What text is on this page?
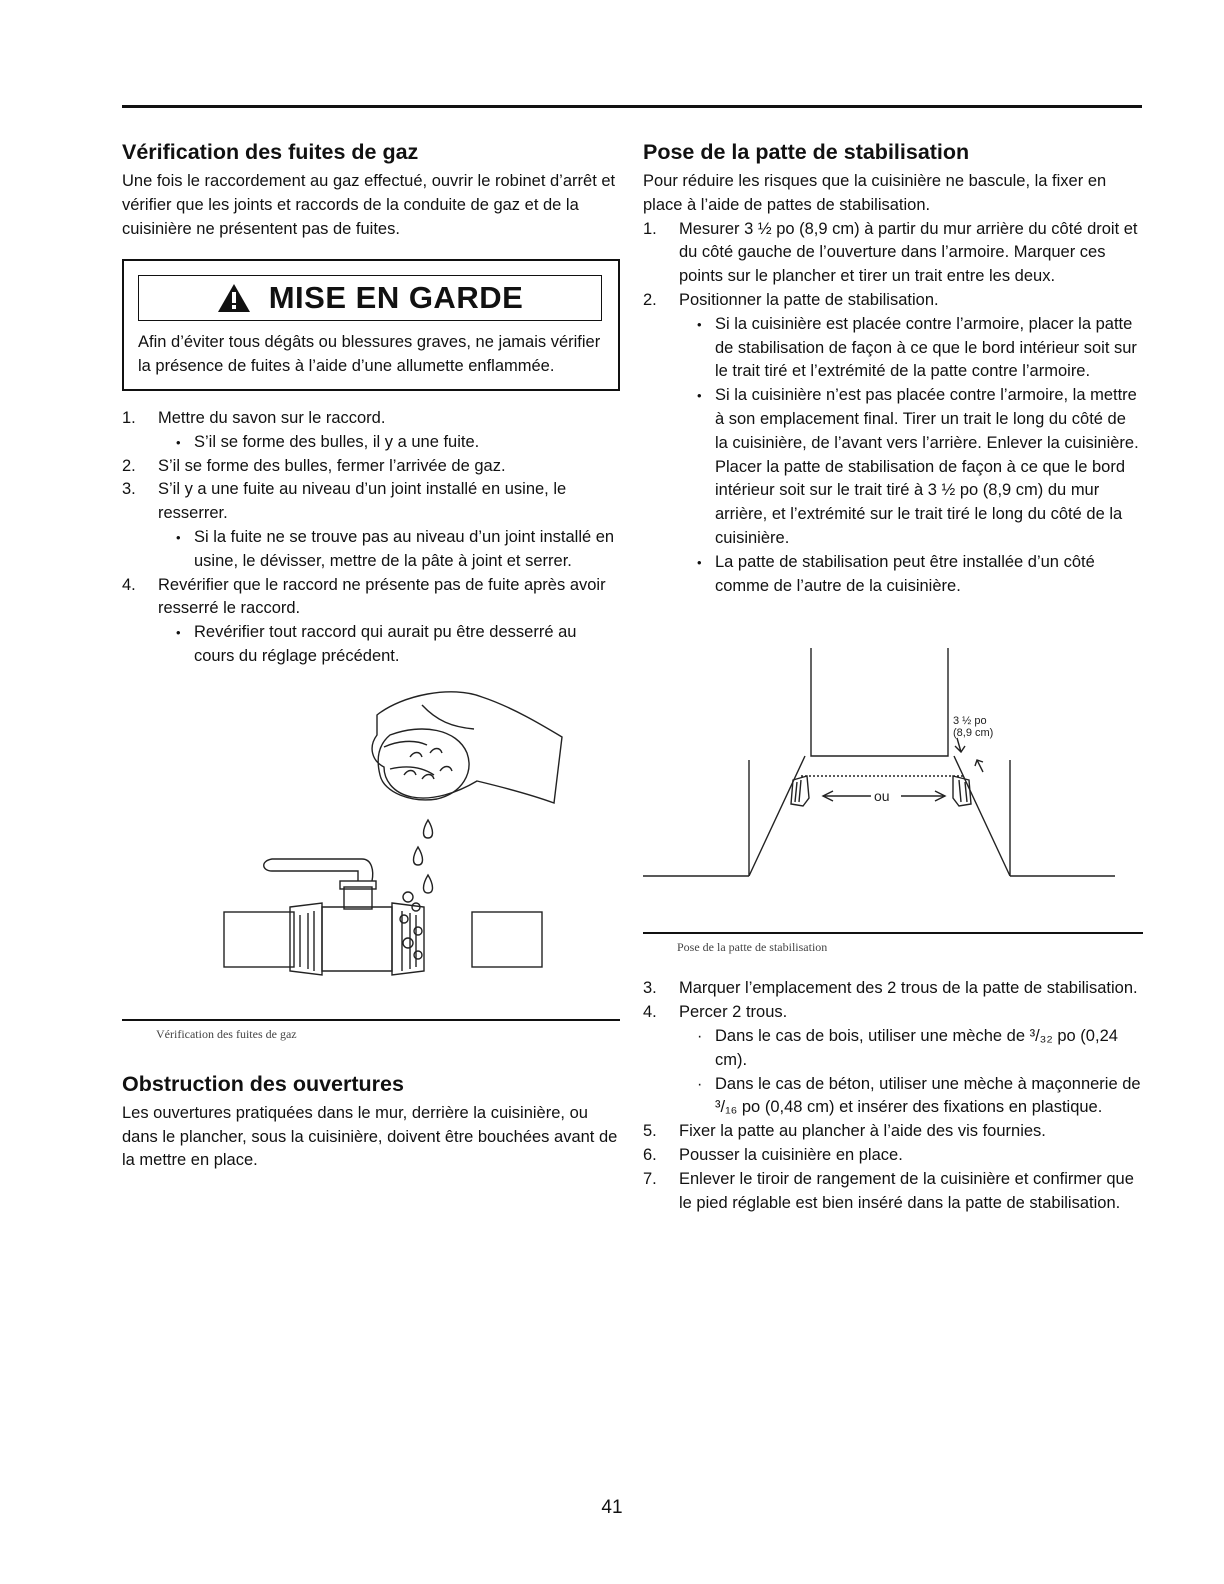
Vérification des fuites de gaz

Une fois le raccordement au gaz effectué, ouvrir le robinet d’arrêt et vérifier que les joints et raccords de la conduite de gaz et de la cuisinière ne présentent pas de fuites.

MISE EN GARDE

Afin d’éviter tous dégâts ou blessures graves, ne jamais vérifier la présence de fuites à l’aide d’une allumette enflammée.

1.	Mettre du savon sur le raccord.
• S’il se forme des bulles, il y a une fuite.
2.	S’il se forme des bulles, fermer l’arrivée de gaz.
3.	S’il y a une fuite au niveau d’un joint installé en usine, le resserrer.
• Si la fuite ne se trouve pas au niveau d’un joint installé en usine, le dévisser, mettre de la pâte à joint et serrer.
4.	Revérifier que le raccord ne présente pas de fuite après avoir resserré le raccord.
• Revérifier tout raccord qui aurait pu être desserré au cours du réglage précédent.
Vérification des fuites de gaz
Obstruction des ouvertures

Les ouvertures pratiquées dans le mur, derrière la cuisinière, ou dans le plancher, sous la cuisinière, doivent être bouchées avant de la mettre en place.

Pose de la patte de stabilisation

Pour réduire les risques que la cuisinière ne bascule, la fixer en place à l’aide de pattes de stabilisation.

1.	Mesurer 3 ½ po (8,9 cm) à partir du mur arrière du côté droit et du côté gauche de l’ouverture dans l’armoire. Marquer ces points sur le plancher et tirer un trait entre les deux.
2.	Positionner la patte de stabilisation.
• Si la cuisinière est placée contre l’armoire, placer la patte de stabilisation de façon à ce que le bord intérieur soit sur le trait tiré et l’extrémité de la patte contre l’armoire.
• Si la cuisinière n’est pas placée contre l’armoire, la mettre à son emplacement final. Tirer un trait le long du côté de la cuisinière, de l’avant vers l’arrière. Enlever la cuisinière. Placer la patte de stabilisation de façon à ce que le bord intérieur soit sur le trait tiré à 3 ½ po (8,9 cm) du mur arrière, et l’extrémité sur le trait tiré le long du côté de la cuisinière.
• La patte de stabilisation peut être installée d’un côté comme de l’autre de la cuisinière.
3 ½ po
(8,9 cm)
ou
Pose de la patte de stabilisation
3.	Marquer l’emplacement des 2 trous de la patte de stabilisation.
4.	Percer 2 trous.
· Dans le cas de bois, utiliser une mèche de ³/₃₂ po (0,24 cm).
· Dans le cas de béton, utiliser une mèche à maçonnerie de ³/₁₆ po (0,48 cm) et insérer des fixations en plastique.
5.	Fixer la patte au plancher à l’aide des vis fournies.
6.	Pousser la cuisinière en place.
7.	Enlever le tiroir de rangement de la cuisinière et confirmer que le pied réglable est bien inséré dans la patte de stabilisation.
41
